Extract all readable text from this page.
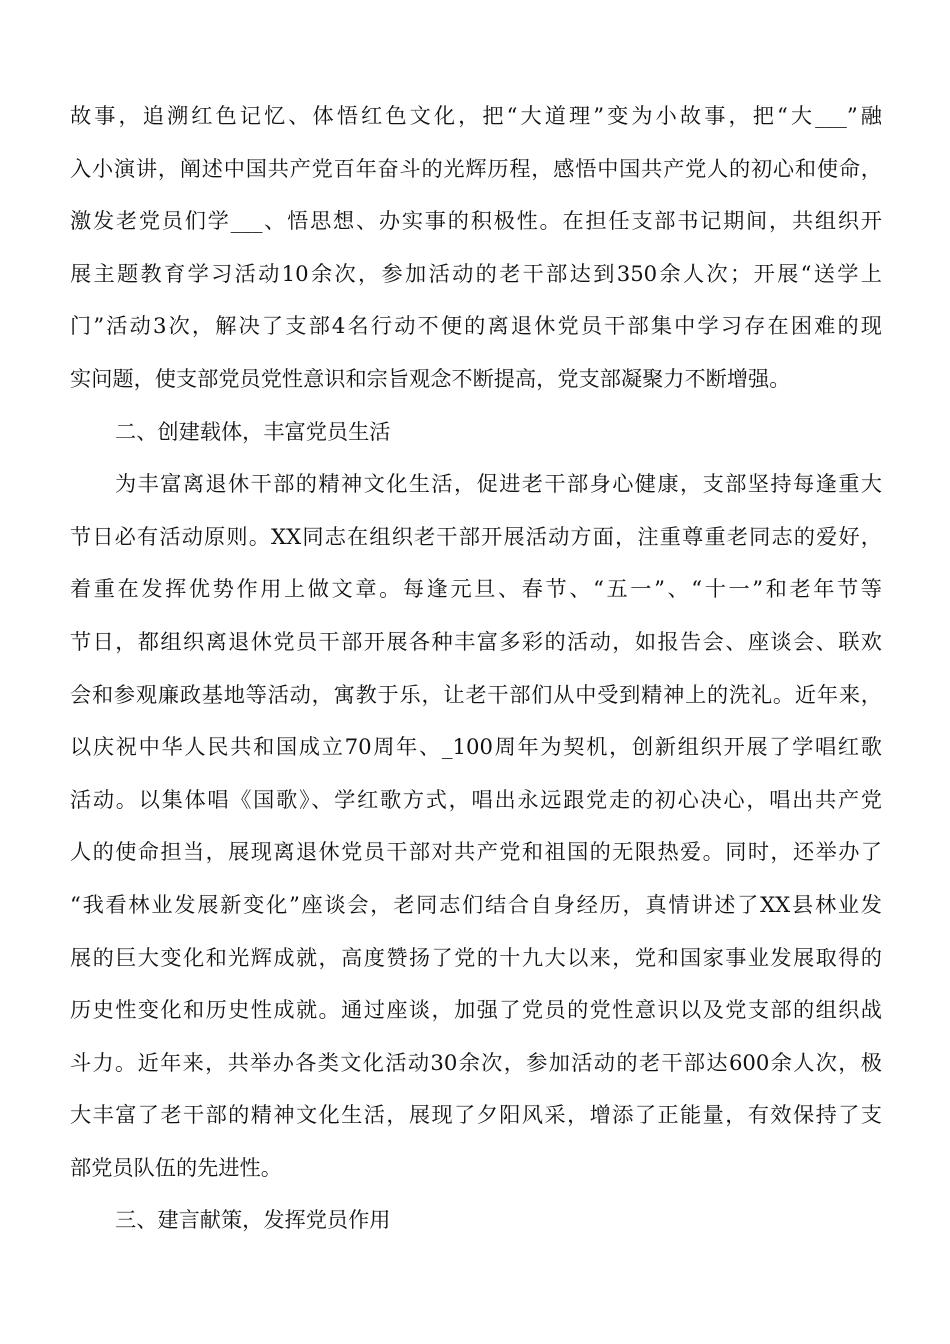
故事，追溯红色记忆、体悟红色文化，把“大道理”变为小故事，把“大___”融
入小演讲，阐述中国共产党百年奋斗的光辉历程，感悟中国共产党人的初心和使命，
激发老党员们学___、悟思想、办实事的积极性。在担任支部书记期间，共组织开
展主题教育学习活动10余次，参加活动的老干部达到350余人次；开展“送学上
门”活动3次，解决了支部4名行动不便的离退休党员干部集中学习存在困难的现
实问题，使支部党员党性意识和宗旨观念不断提高，党支部凝聚力不断增强。
二、创建载体，丰富党员生活
为丰富离退休干部的精神文化生活，促进老干部身心健康，支部坚持每逢重大
节日必有活动原则。XX同志在组织老干部开展活动方面，注重尊重老同志的爱好，
着重在发挥优势作用上做文章。每逢元旦、春节、“五一”、“十一”和老年节等
节日，都组织离退休党员干部开展各种丰富多彩的活动，如报告会、座谈会、联欢
会和参观廉政基地等活动，寓教于乐，让老干部们从中受到精神上的洗礼。近年来，
以庆祝中华人民共和国成立70周年、_100周年为契机，创新组织开展了学唱红歌
活动。以集体唱《国歌》、学红歌方式，唱出永远跟党走的初心决心，唱出共产党
人的使命担当，展现离退休党员干部对共产党和祖国的无限热爱。同时，还举办了
“我看林业发展新变化”座谈会，老同志们结合自身经历，真情讲述了XX县林业发
展的巨大变化和光辉成就，高度赞扬了党的十九大以来，党和国家事业发展取得的
历史性变化和历史性成就。通过座谈，加强了党员的党性意识以及党支部的组织战
斗力。近年来，共举办各类文化活动30余次，参加活动的老干部达600余人次，极
大丰富了老干部的精神文化生活，展现了夕阳风采，增添了正能量，有效保持了支
部党员队伍的先进性。
三、建言献策，发挥党员作用
